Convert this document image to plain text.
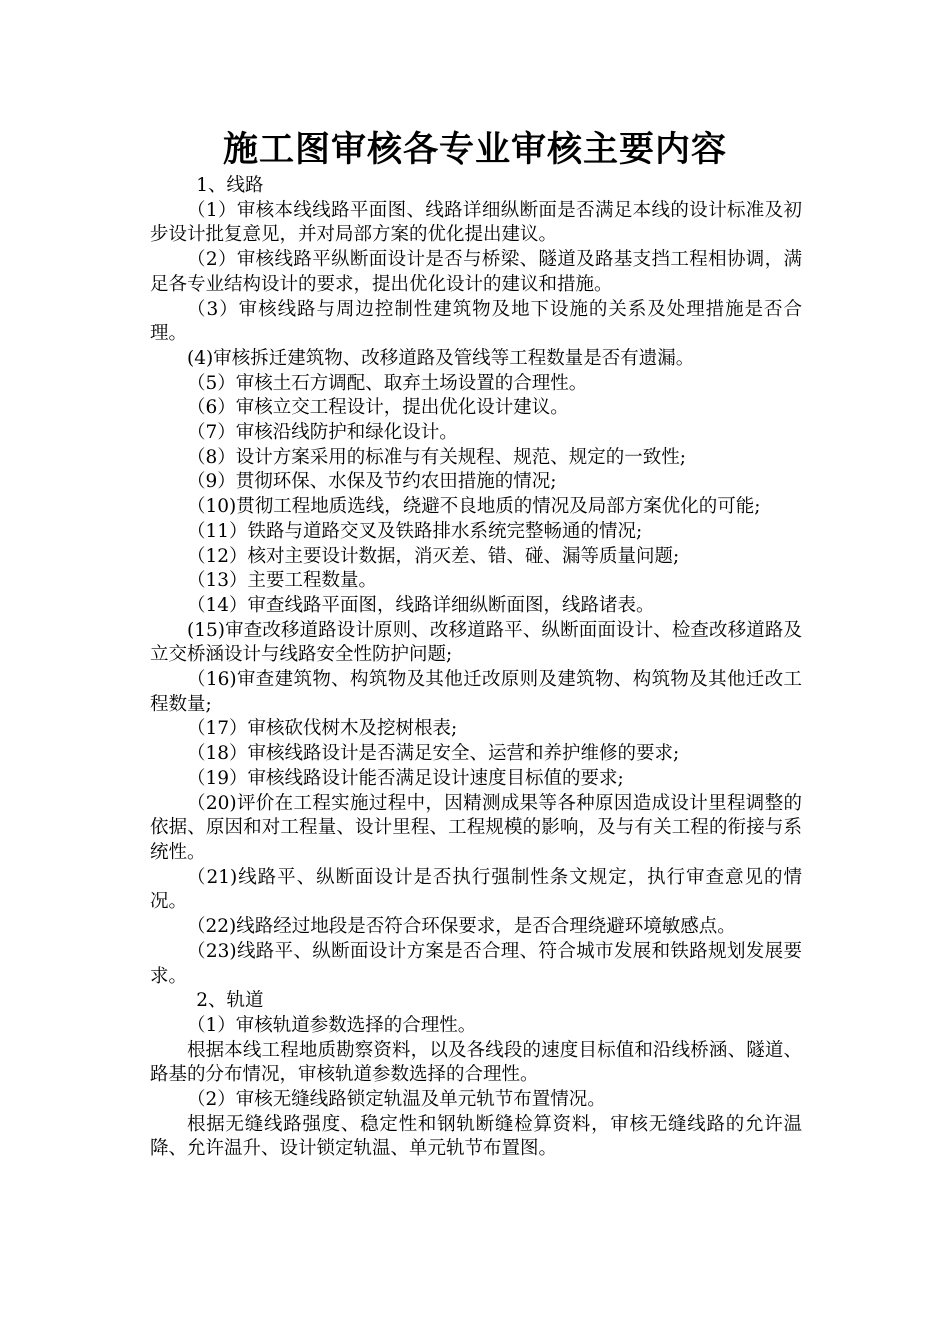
施工图审核各专业审核主要内容

1、线路

（1）审核本线线路平面图、线路详细纵断面是否满足本线的设计标准及初步设计批复意见，并对局部方案的优化提出建议。

（2）审核线路平纵断面设计是否与桥梁、隧道及路基支挡工程相协调，满足各专业结构设计的要求，提出优化设计的建议和措施。

（3）审核线路与周边控制性建筑物及地下设施的关系及处理措施是否合理。

(4)审核拆迁建筑物、改移道路及管线等工程数量是否有遗漏。

（5）审核土石方调配、取弃土场设置的合理性。

（6）审核立交工程设计，提出优化设计建议。

（7）审核沿线防护和绿化设计。

（8）设计方案采用的标准与有关规程、规范、规定的一致性;

（9）贯彻环保、水保及节约农田措施的情况;

（10)贯彻工程地质选线，绕避不良地质的情况及局部方案优化的可能;

（11）铁路与道路交叉及铁路排水系统完整畅通的情况;

（12）核对主要设计数据，消灭差、错、碰、漏等质量问题;

（13）主要工程数量。

（14）审查线路平面图，线路详细纵断面图，线路诸表。

(15)审查改移道路设计原则、改移道路平、纵断面面设计、检查改移道路及立交桥涵设计与线路安全性防护问题;

（16)审查建筑物、构筑物及其他迁改原则及建筑物、构筑物及其他迁改工程数量;

（17）审核砍伐树木及挖树根表;

（18）审核线路设计是否满足安全、运营和养护维修的要求;

（19）审核线路设计能否满足设计速度目标值的要求;

（20)评价在工程实施过程中，因精测成果等各种原因造成设计里程调整的依据、原因和对工程量、设计里程、工程规模的影响，及与有关工程的衔接与系统性。

（21)线路平、纵断面设计是否执行强制性条文规定，执行审查意见的情况。

（22)线路经过地段是否符合环保要求，是否合理绕避环境敏感点。

（23)线路平、纵断面设计方案是否合理、符合城市发展和铁路规划发展要求。

2、轨道

（1）审核轨道参数选择的合理性。

根据本线工程地质勘察资料，以及各线段的速度目标值和沿线桥涵、隧道、路基的分布情况，审核轨道参数选择的合理性。

（2）审核无缝线路锁定轨温及单元轨节布置情况。

根据无缝线路强度、稳定性和钢轨断缝检算资料，审核无缝线路的允许温降、允许温升、设计锁定轨温、单元轨节布置图。
